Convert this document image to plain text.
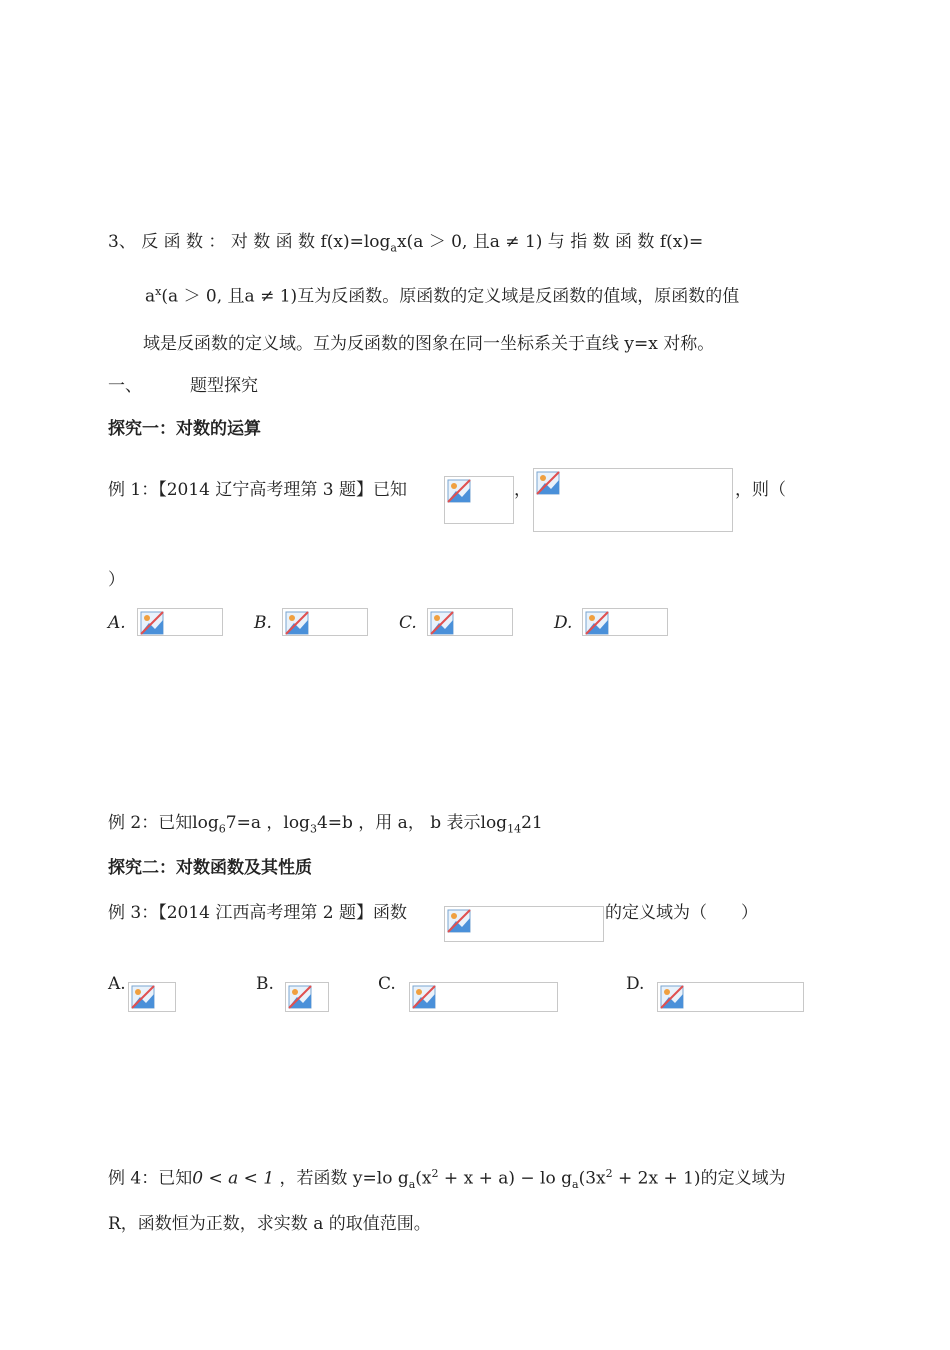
3、 反 函 数 ： 对 数 函 数 $f(x)=\log_ax(a > 0$, 且a ≠ 1) 与 指 数 函 数 f(x)=
$a^x(a > 0$, 且a ≠ 1)互为反函数。原函数的定义域是反函数的值域，原函数的值
域是反函数的定义域。互为反函数的图象在同一坐标系关于直线 y=x 对称。
一、	题型探究
探究一：对数的运算
例 1：【2014 辽宁高考理第 3 题】已知	，	，则（
）
A.	B.	C.	D.
例 2：已知$\log_67=a$ ，$\log_34=b$ ，用 a， b 表示$\log_{14}21$
探究二：对数函数及其性质
例 3：【2014 江西高考理第 2 题】函数	的定义域为（　　）
A.	B.	C.	D.
例 4：已知0 < a < 1 ，若函数 y=lo $g_a(x^2 + x + a)$ − lo $g_a(3x^2 + 2x + 1)$的定义域为
R，函数恒为正数，求实数 a 的取值范围。
